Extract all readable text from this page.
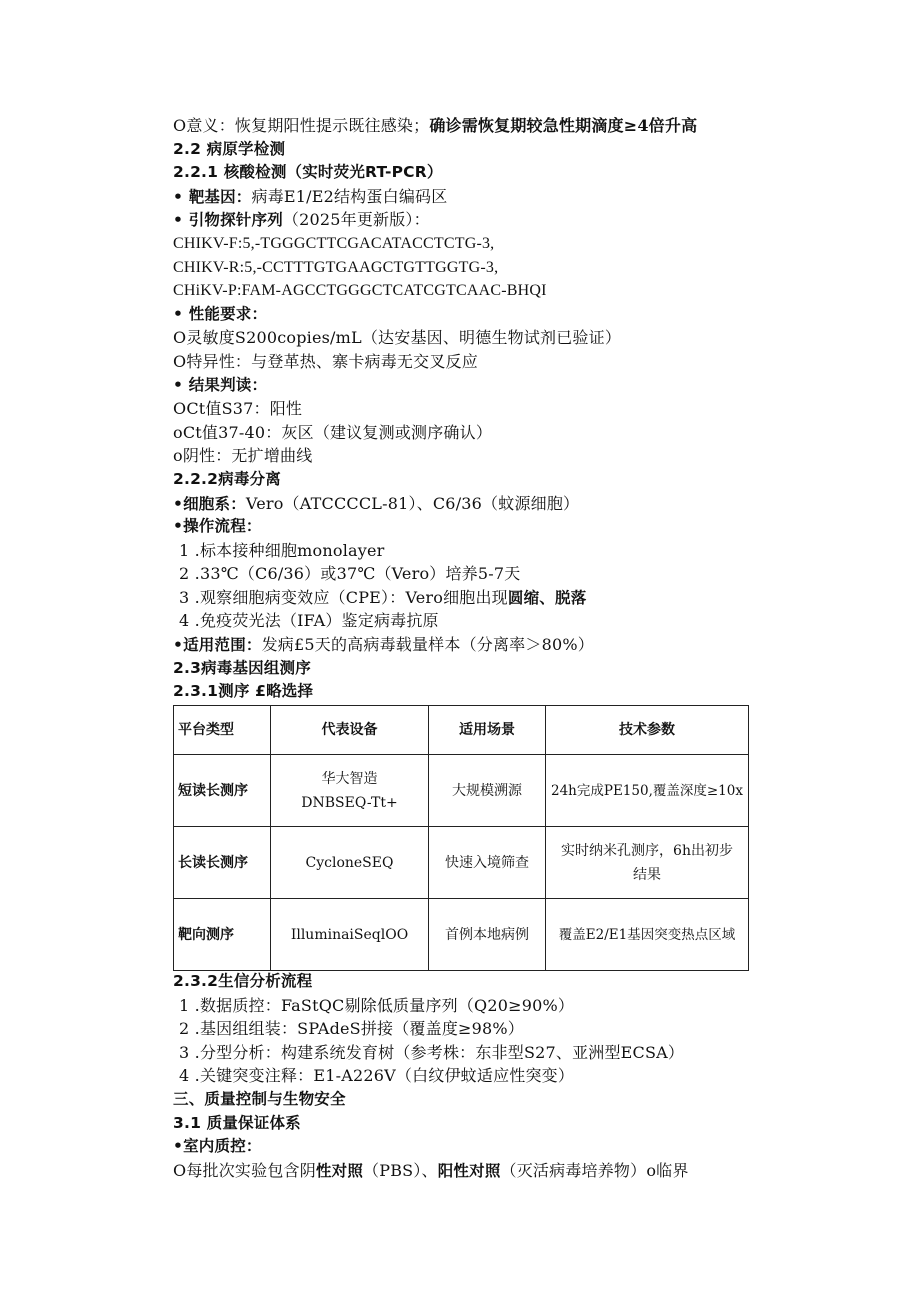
O意义：恢复期阳性提示既往感染；确诊需恢复期较急性期滴度≥4倍升高
2.2 病原学检测
2.2.1 核酸检测（实时荧光RT-PCR）
• 靶基因：病毒E1/E2结构蛋白编码区
• 引物探针序列（2025年更新版）：
CHIKV-F:5,-TGGGCTTCGACATACCTCTG-3,
CHIKV-R:5,-CCTTTGTGAAGCTGTTGGTG-3,
CHiKV-P:FAM-AGCCTGGGCTCATCGTCAAC-BHQI
• 性能要求：
O灵敏度S200copies/mL（达安基因、明德生物试剂已验证）
O特异性：与登革热、寨卡病毒无交叉反应
• 结果判读：
OCt值S37：阳性
oCt值37-40：灰区（建议复测或测序确认）
o阴性：无扩增曲线
2.2.2病毒分离
•细胞系：Vero（ATCCCCL-81）、C6/36（蚊源细胞）
•操作流程：
1 .标本接种细胞monolayer
2 .33℃（C6/36）或37℃（Vero）培养5-7天
3 .观察细胞病变效应（CPE）：Vero细胞出现圆缩、脱落
4 .免疫荧光法（IFA）鉴定病毒抗原
•适用范围：发病£5天的高病毒载量样本（分离率＞80%）
2.3病毒基因组测序
2.3.1测序 £略选择
平台类型	代表设备	适用场景	技术参数
短读长测序	华大智造
DNBSEQ-Tt+	大规模溯源	24h完成PE150,覆盖深度≥10x
长读长测序	CycloneSEQ	快速入境筛查	实时纳米孔测序，6h出初步
结果
靶向测序	IlluminaiSeqlOO	首例本地病例	覆盖E2/E1基因突变热点区域
2.3.2生信分析流程
1 .数据质控：FaStQC剔除低质量序列（Q20≥90%）
2 .基因组组装：SPAdeS拼接（覆盖度≥98%）
3 .分型分析：构建系统发育树（参考株：东非型S27、亚洲型ECSA）
4 .关键突变注释：E1-A226V（白纹伊蚊适应性突变）
三、质量控制与生物安全
3.1 质量保证体系
•室内质控：
O每批次实验包含阴性对照（PBS）、阳性对照（灭活病毒培养物）o临界
